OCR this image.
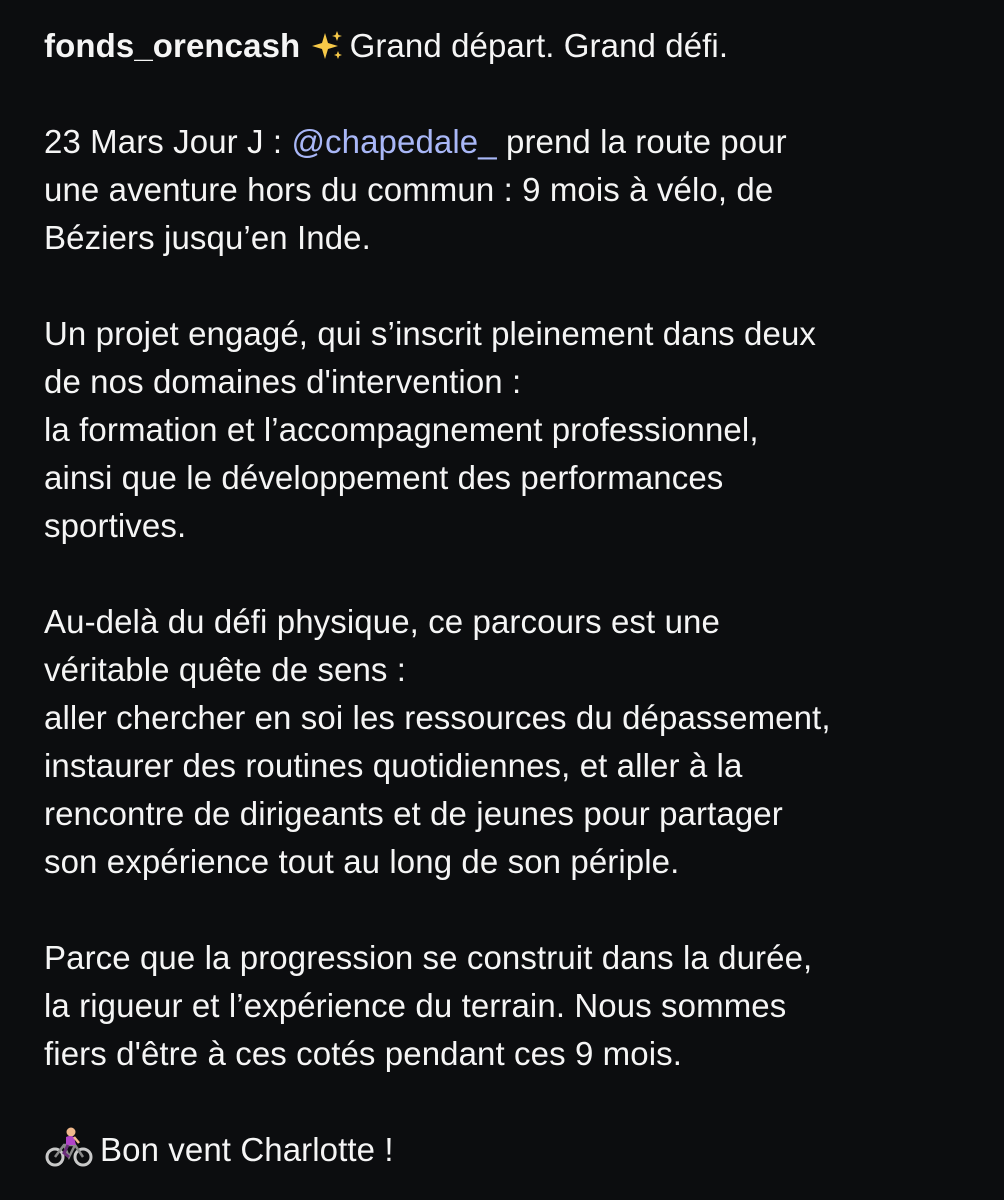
fonds_orencash Grand départ. Grand défi.
23 Mars Jour J : @chapedale_ prend la route pour
une aventure hors du commun : 9 mois à vélo, de
Béziers jusqu’en Inde.
Un projet engagé, qui s’inscrit pleinement dans deux
de nos domaines d'intervention :
la formation et l’accompagnement professionnel,
ainsi que le développement des performances
sportives.
Au-delà du défi physique, ce parcours est une
véritable quête de sens :
aller chercher en soi les ressources du dépassement,
instaurer des routines quotidiennes, et aller à la
rencontre de dirigeants et de jeunes pour partager
son expérience tout au long de son périple.
Parce que la progression se construit dans la durée,
la rigueur et l’expérience du terrain. Nous sommes
fiers d'être à ces cotés pendant ces 9 mois.
Bon vent Charlotte !
